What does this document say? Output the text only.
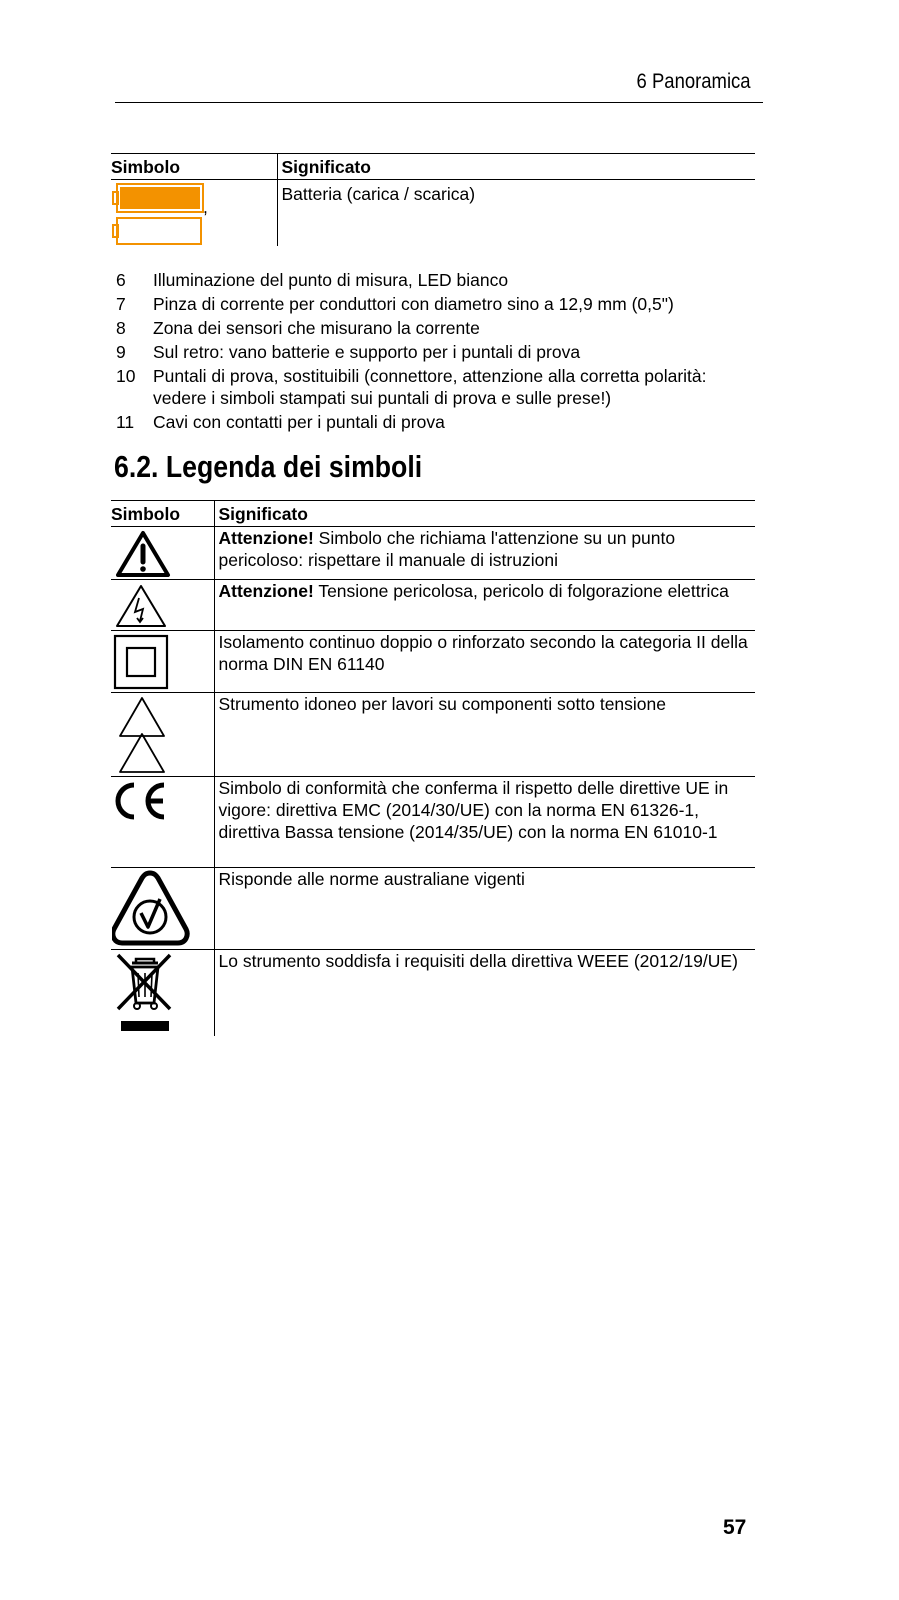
6 Panoramica
Simbolo	Significato

,	Batteria (carica / scarica)
6	Illuminazione del punto di misura, LED bianco
7	Pinza di corrente per conduttori con diametro sino a 12,9 mm (0,5")
8	Zona dei sensori che misurano la corrente
9	Sul retro: vano batterie e supporto per i puntali di prova
10	Puntali di prova, sostituibili (connettore, attenzione alla corretta polarità: vedere i simboli stampati sui puntali di prova e sulle prese!)
11	Cavi con contatti per i puntali di prova
6.2. Legenda dei simboli
Simbolo	Significato

	Attenzione! Simbolo che richiama l'attenzione su un punto pericoloso: rispettare il manuale di istruzioni

	Attenzione! Tensione pericolosa, pericolo di folgorazione elettrica

	Isolamento continuo doppio o rinforzato secondo la categoria II della norma DIN EN 61140

	Strumento idoneo per lavori su componenti sotto tensione

	Simbolo di conformità che conferma il rispetto delle direttive UE in vigore: direttiva EMC (2014/30/UE) con la norma EN 61326-1, direttiva Bassa tensione (2014/35/UE) con la norma EN 61010-1

	Risponde alle norme australiane vigenti

	Lo strumento soddisfa i requisiti della direttiva WEEE (2012/19/UE)
57
